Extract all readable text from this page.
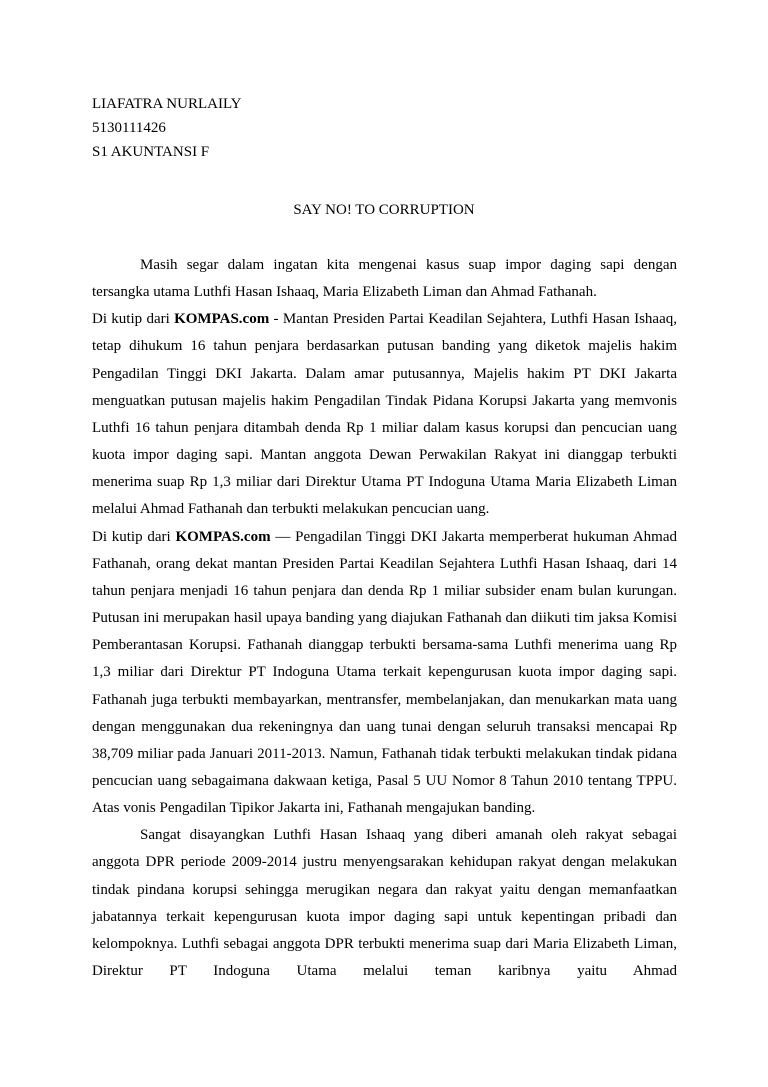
LIAFATRA NURLAILY
5130111426
S1 AKUNTANSI F
SAY NO! TO CORRUPTION

Masih segar dalam ingatan kita mengenai kasus suap impor daging sapi dengan tersangka utama Luthfi Hasan Ishaaq, Maria Elizabeth Liman dan Ahmad Fathanah.

Di kutip dari KOMPAS.com - Mantan Presiden Partai Keadilan Sejahtera, Luthfi Hasan Ishaaq, tetap dihukum 16 tahun penjara berdasarkan putusan banding yang diketok majelis hakim Pengadilan Tinggi DKI Jakarta. Dalam amar putusannya, Majelis hakim PT DKI Jakarta menguatkan putusan majelis hakim Pengadilan Tindak Pidana Korupsi Jakarta yang memvonis Luthfi 16 tahun penjara ditambah denda Rp 1 miliar dalam kasus korupsi dan pencucian uang kuota impor daging sapi. Mantan anggota Dewan Perwakilan Rakyat ini dianggap terbukti menerima suap Rp 1,3 miliar dari Direktur Utama PT Indoguna Utama Maria Elizabeth Liman melalui Ahmad Fathanah dan terbukti melakukan pencucian uang.

Di kutip dari KOMPAS.com — Pengadilan Tinggi DKI Jakarta memperberat hukuman Ahmad Fathanah, orang dekat mantan Presiden Partai Keadilan Sejahtera Luthfi Hasan Ishaaq, dari 14 tahun penjara menjadi 16 tahun penjara dan denda Rp 1 miliar subsider enam bulan kurungan. Putusan ini merupakan hasil upaya banding yang diajukan Fathanah dan diikuti tim jaksa Komisi Pemberantasan Korupsi. Fathanah dianggap terbukti bersama-sama Luthfi menerima uang Rp 1,3 miliar dari Direktur PT Indoguna Utama terkait kepengurusan kuota impor daging sapi. Fathanah juga terbukti membayarkan, mentransfer, membelanjakan, dan menukarkan mata uang dengan menggunakan dua rekeningnya dan uang tunai dengan seluruh transaksi mencapai Rp 38,709 miliar pada Januari 2011-2013. Namun, Fathanah tidak terbukti melakukan tindak pidana pencucian uang sebagaimana dakwaan ketiga, Pasal 5 UU Nomor 8 Tahun 2010 tentang TPPU. Atas vonis Pengadilan Tipikor Jakarta ini, Fathanah mengajukan banding.

Sangat disayangkan Luthfi Hasan Ishaaq yang diberi amanah oleh rakyat sebagai anggota DPR periode 2009-2014 justru menyengsarakan kehidupan rakyat dengan melakukan tindak pindana korupsi sehingga merugikan negara dan rakyat yaitu dengan memanfaatkan jabatannya terkait kepengurusan kuota impor daging sapi untuk kepentingan pribadi dan kelompoknya. Luthfi sebagai anggota DPR terbukti menerima suap dari Maria Elizabeth Liman, Direktur PT Indoguna Utama melalui teman karibnya yaitu Ahmad
